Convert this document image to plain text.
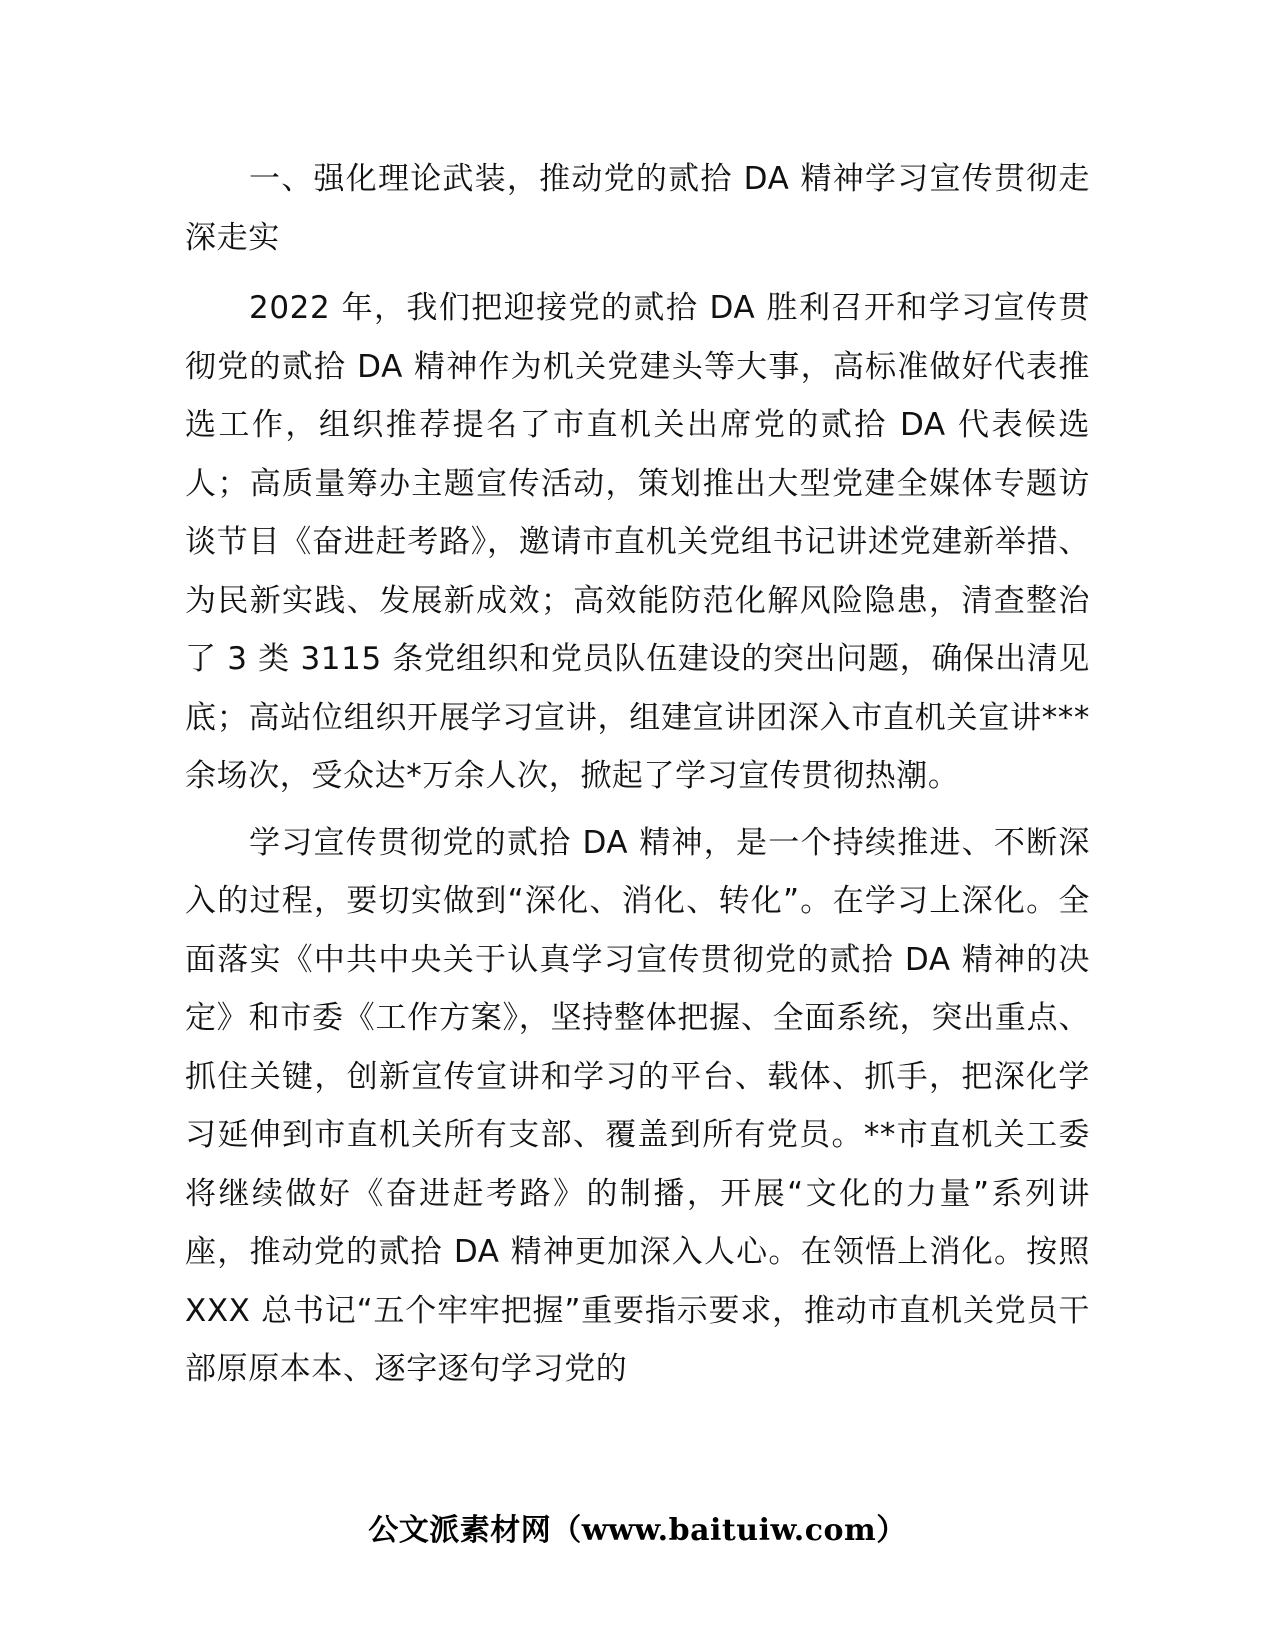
一、强化理论武装，推动党的贰拾 DA 精神学习宣传贯彻走深走实

2022 年，我们把迎接党的贰拾 DA 胜利召开和学习宣传贯彻党的贰拾 DA 精神作为机关党建头等大事，高标准做好代表推选工作，组织推荐提名了市直机关出席党的贰拾 DA 代表候选人；高质量筹办主题宣传活动，策划推出大型党建全媒体专题访谈节目《奋进赶考路》，邀请市直机关党组书记讲述党建新举措、为民新实践、发展新成效；高效能防范化解风险隐患，清查整治了 3 类 3115 条党组织和党员队伍建设的突出问题，确保出清见底；高站位组织开展学习宣讲，组建宣讲团深入市直机关宣讲***余场次，受众达*万余人次，掀起了学习宣传贯彻热潮。

学习宣传贯彻党的贰拾 DA 精神，是一个持续推进、不断深入的过程，要切实做到“深化、消化、转化”。在学习上深化。全面落实《中共中央关于认真学习宣传贯彻党的贰拾 DA 精神的决定》和市委《工作方案》，坚持整体把握、全面系统，突出重点、抓住关键，创新宣传宣讲和学习的平台、载体、抓手，把深化学习延伸到市直机关所有支部、覆盖到所有党员。**市直机关工委将继续做好《奋进赶考路》的制播，开展“文化的力量”系列讲座，推动党的贰拾 DA 精神更加深入人心。在领悟上消化。按照 XXX 总书记“五个牢牢把握”重要指示要求，推动市直机关党员干部原原本本、逐字逐句学习党的

公文派素材网（www.baituiw.com）
